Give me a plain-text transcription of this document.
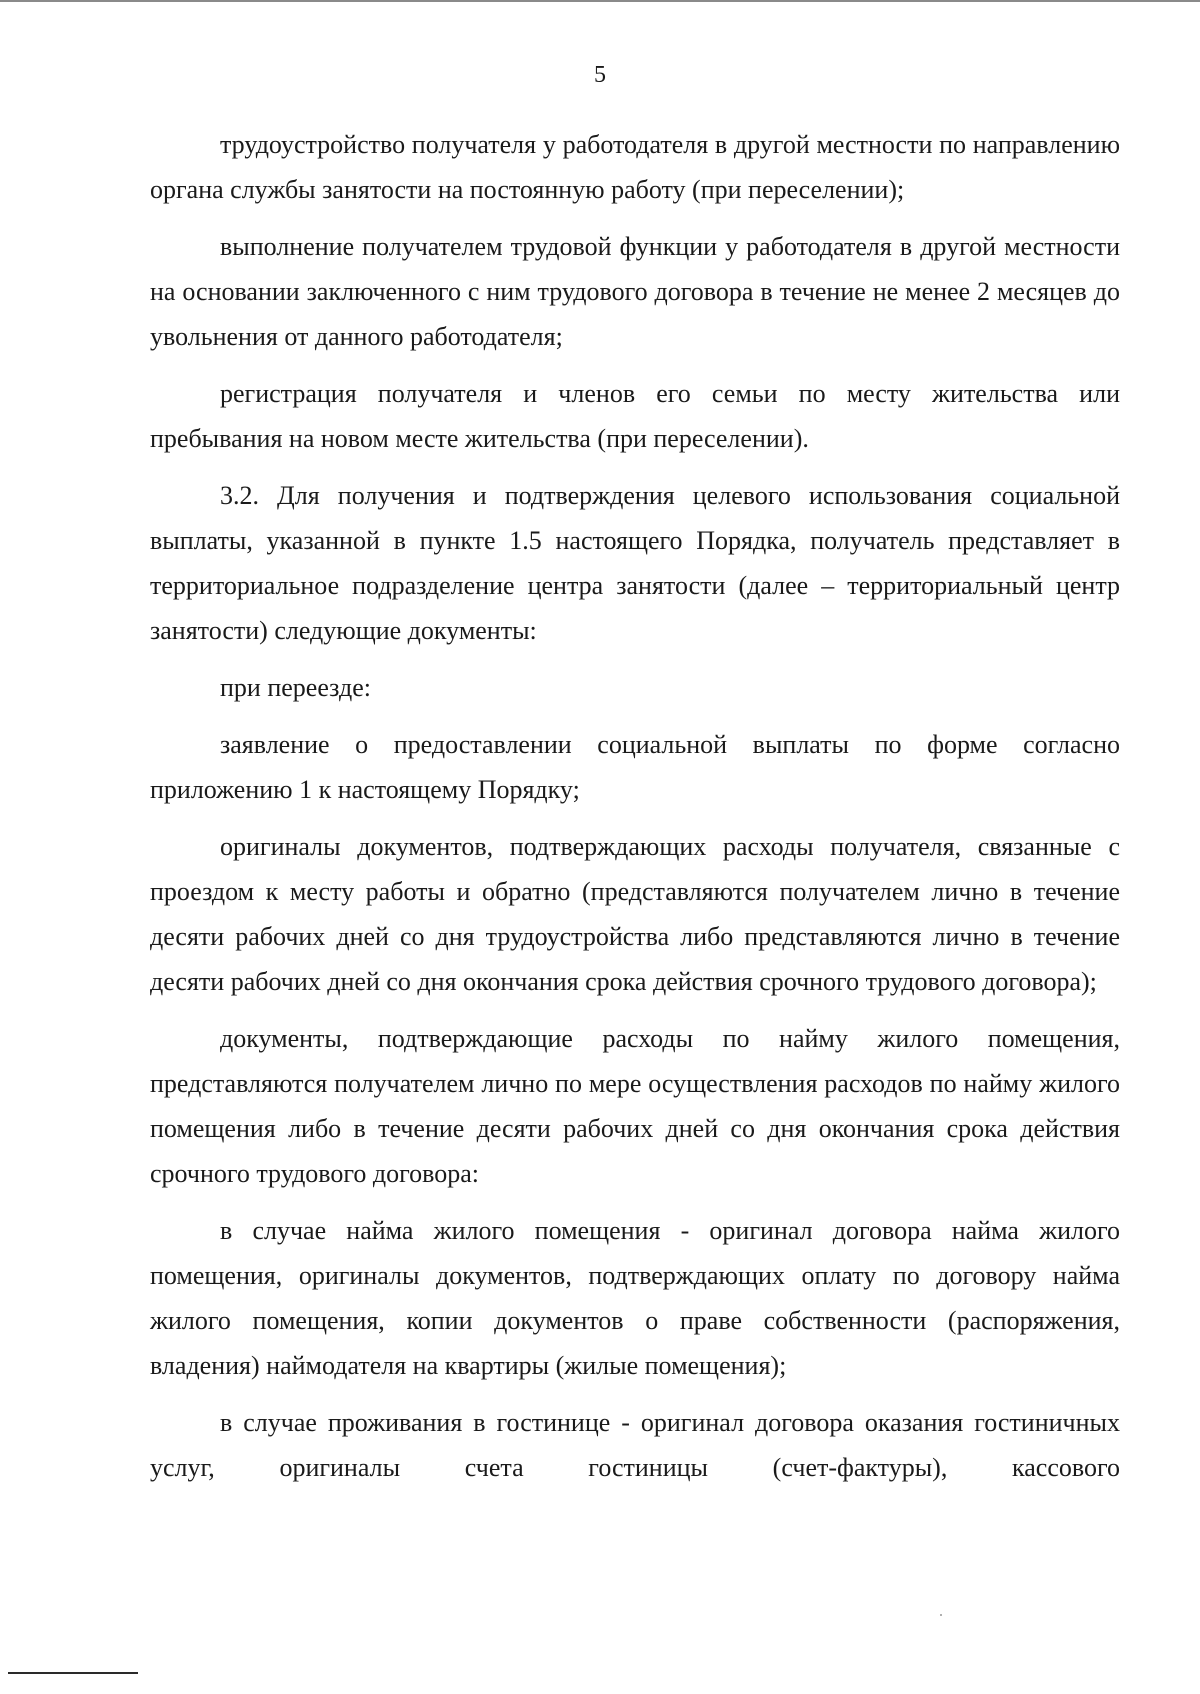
5

трудоустройство получателя у работодателя в другой местности по направлению органа службы занятости на постоянную работу (при переселении);

выполнение получателем трудовой функции у работодателя в другой местности на основании заключенного с ним трудового договора в течение не менее 2 месяцев до увольнения от данного работодателя;

регистрация получателя и членов его семьи по месту жительства или пребывания на новом месте жительства (при переселении).

3.2. Для получения и подтверждения целевого использования социальной выплаты, указанной в пункте 1.5 настоящего Порядка, получатель представляет в территориальное подразделение центра занятости (далее – территориальный центр занятости) следующие документы:

при переезде:

заявление о предоставлении социальной выплаты по форме согласно приложению 1 к настоящему Порядку;

оригиналы документов, подтверждающих расходы получателя, связанные с проездом к месту работы и обратно (представляются получателем лично в течение десяти рабочих дней со дня трудоустройства либо представляются лично в течение десяти рабочих дней со дня окончания срока действия срочного трудового договора);

документы, подтверждающие расходы по найму жилого помещения, представляются получателем лично по мере осуществления расходов по найму жилого помещения либо в течение десяти рабочих дней со дня окончания срока действия срочного трудового договора:

в случае найма жилого помещения - оригинал договора найма жилого помещения, оригиналы документов, подтверждающих оплату по договору найма жилого помещения, копии документов о праве собственности (распоряжения, владения) наймодателя на квартиры (жилые помещения);

в случае проживания в гостинице - оригинал договора оказания гостиничных услуг, оригиналы счета гостиницы (счет-фактуры), кассового
